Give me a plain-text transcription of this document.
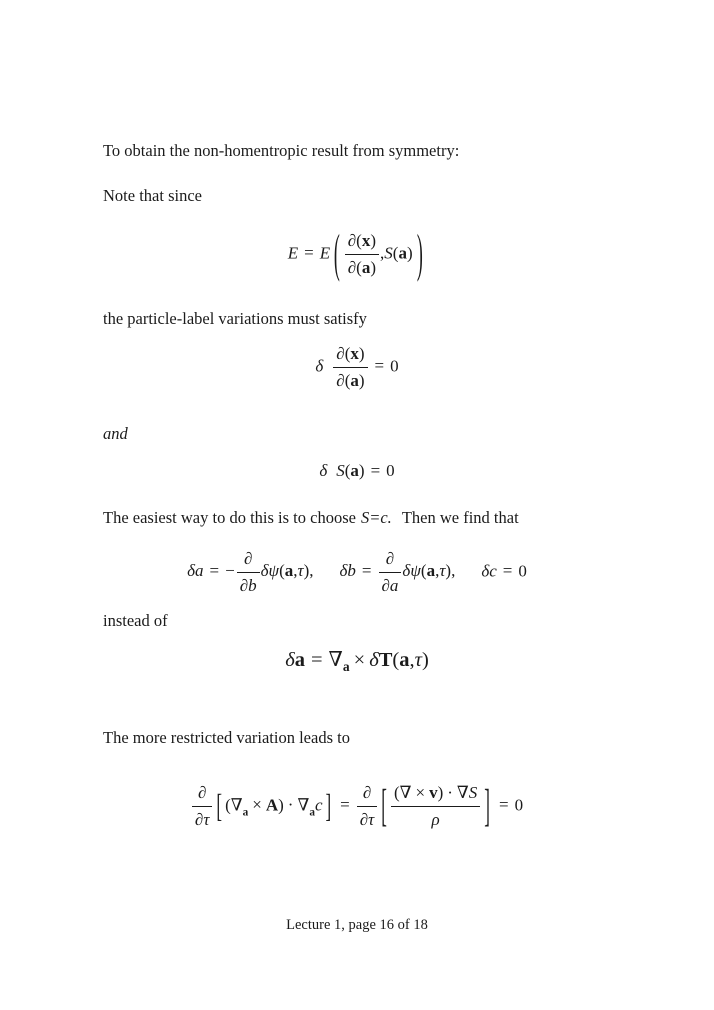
To obtain the non-homentropic result from symmetry:

Note that since

E = E ( $\frac{\partial(x)}{\partial(a)} ,S(a)$ )

the particle-label variations must satisfy

δ $\frac{\partial(x)}{\partial(a)} = 0$

and

δ S(a) = 0

The easiest way to do this is to choose S=c. Then we find that

δa = − $\frac{\partial}{\partial b} \delta\psi(a,\tau)$, $\delta b = \frac{\partial}{\partial a} \delta\psi(a,\tau)$, δc = 0

instead of

$\delta a = \nabla_a \times \delta T(a,\tau)$

The more restricted variation leads to

$\frac{\partial}{\partial\tau}$ [ $(\nabla_a \times A) \cdot \nabla_ac$ ] = $\frac{\partial}{\partial\tau}$ [ $\frac{(\nabla \times v) \cdot \nabla S}{\rho}$ ] = 0

Lecture 1, page 16 of 18
